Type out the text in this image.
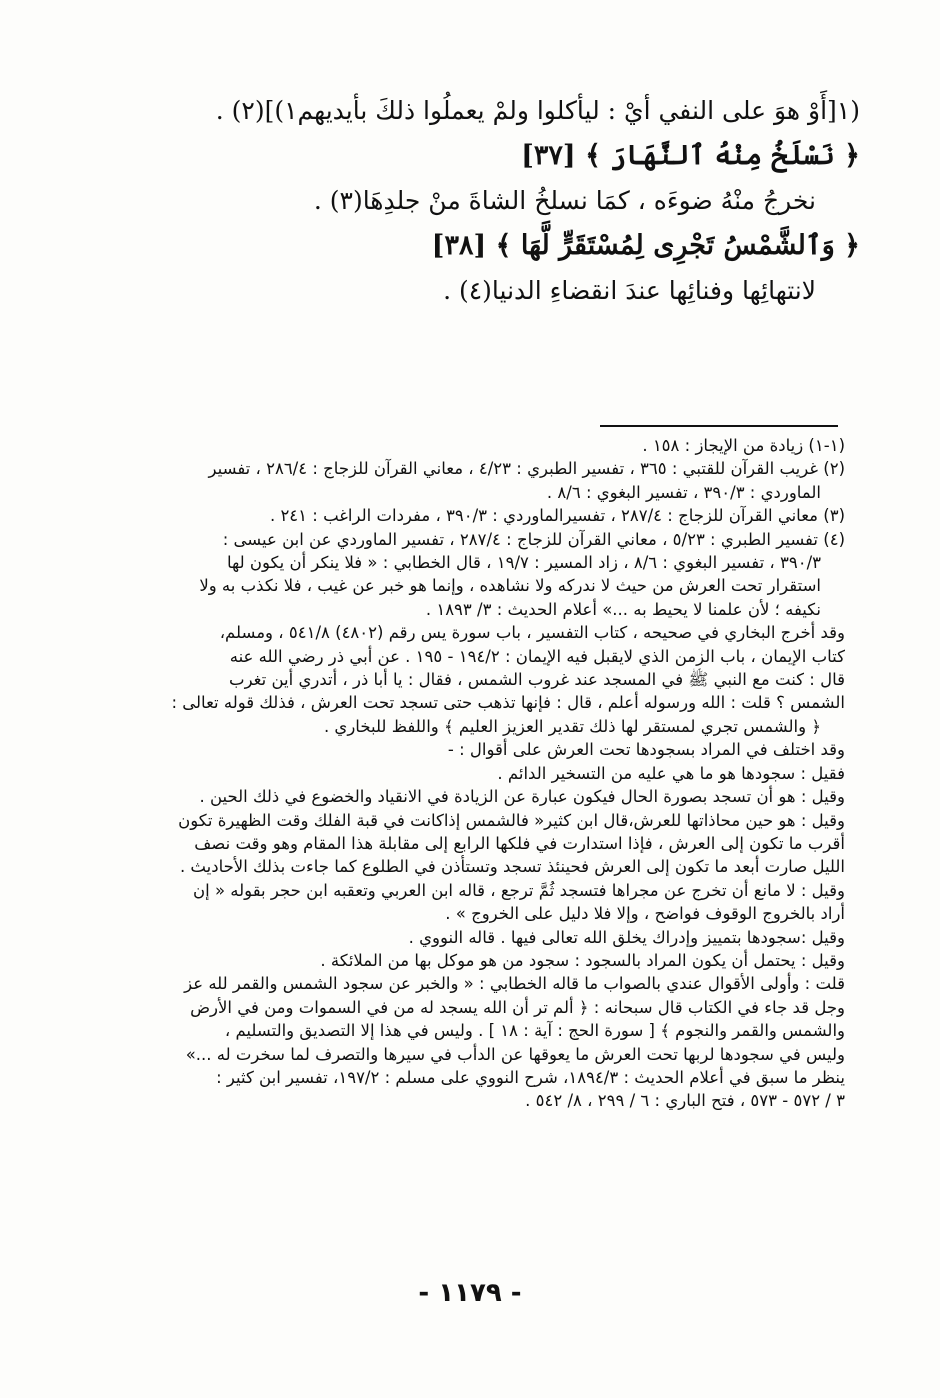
(١[أَوْ هوَ على النفي أيْ : ليأكلوا ولمْ يعملُوا ذلكَ بأيديهم١)](٢) .
﴿ نَسْلَخُ مِنْهُ ٱلنَّهَارَ ﴾ [٣٧]
نخرجُ منْهُ ضوءَه ، كمَا نسلخُ الشاةَ منْ جلدِهَا(٣) .
﴿ وَٱلشَّمْسُ تَجْرِى لِمُسْتَقَرٍّ لَّهَا ﴾ [٣٨]
لانتهائِها وفنائِها عندَ انقضاءِ الدنيا(٤) .
(١-١) زيادة من الإيجاز : ١٥٨ .
(٢) غريب القرآن للقتبي : ٣٦٥ ، تفسير الطبري : ٤/٢٣ ، معاني القرآن للزجاج : ٢٨٦/٤ ، تفسير
الماوردي : ٣٩٠/٣ ، تفسير البغوي : ٨/٦ .
(٣) معاني القرآن للزجاج : ٢٨٧/٤ ، تفسيرالماوردي : ٣٩٠/٣ ، مفردات الراغب : ٢٤١ .
(٤) تفسير الطبري : ٥/٢٣ ، معاني القرآن للزجاج : ٢٨٧/٤ ، تفسير الماوردي عن ابن عيسى :
٣٩٠/٣ ، تفسير البغوي : ٨/٦ ، زاد المسير : ١٩/٧ ، قال الخطابي : « فلا ينكر أن يكون لها
استقرار تحت العرش من حيث لا ندركه ولا نشاهده ، وإنما هو خبر عن غيب ، فلا نكذب به ولا
نكيفه ؛ لأن علمنا لا يحيط به ...» أعلام الحديث : ٣/ ١٨٩٣ .
وقد أخرج البخاري في صحيحه ، كتاب التفسير ، باب سورة يس رقم (٤٨٠٢) ٥٤١/٨ ، ومسلم،
كتاب الإيمان ، باب الزمن الذي لايقبل فيه الإيمان : ١٩٤/٢ - ١٩٥ . عن أبي ذر رضي الله عنه
قال : كنت مع النبي ﷺ في المسجد عند غروب الشمس ، فقال : يا أبا ذر ، أتدري أين تغرب
الشمس ؟ قلت : الله ورسوله أعلم ، قال : فإنها تذهب حتى تسجد تحت العرش ، فذلك قوله تعالى :
﴿ والشمس تجري لمستقر لها ذلك تقدير العزيز العليم ﴾ واللفظ للبخاري .
وقد اختلف في المراد بسجودها تحت العرش على أقوال : -
فقيل : سجودها هو ما هي عليه من التسخير الدائم .
وقيل : هو أن تسجد بصورة الحال فيكون عبارة عن الزيادة في الانقياد والخضوع في ذلك الحين .
وقيل : هو حين محاذاتها للعرش،قال ابن كثير« فالشمس إذاكانت في قبة الفلك وقت الظهيرة تكون
أقرب ما تكون إلى العرش ، فإذا استدارت في فلكها الرابع إلى مقابلة هذا المقام وهو وقت نصف
الليل صارت أبعد ما تكون إلى العرش فحينئذ تسجد وتستأذن في الطلوع كما جاءت بذلك الأحاديث .
وقيل : لا مانع أن تخرج عن مجراها فتسجد ثُمَّ ترجع ، قاله ابن العربي وتعقبه ابن حجر بقوله « إن
أراد بالخروج الوقوف فواضح ، وإلا فلا دليل على الخروج » .
وقيل :سجودها بتمييز وإدراك يخلق الله تعالى فيها . قاله النووي .
وقيل : يحتمل أن يكون المراد بالسجود : سجود من هو موكل بها من الملائكة .
قلت : وأولى الأقوال عندي بالصواب ما قاله الخطابي : « والخبر عن سجود الشمس والقمر لله عز
وجل قد جاء في الكتاب قال سبحانه : ﴿ ألم تر أن الله يسجد له من في السموات ومن في الأرض
والشمس والقمر والنجوم ﴾ [ سورة الحج : آية : ١٨ ] . وليس في هذا إلا التصديق والتسليم ،
وليس في سجودها لربها تحت العرش ما يعوقها عن الدأب في سيرها والتصرف لما سخرت له ...»
ينظر ما سبق في أعلام الحديث : ١٨٩٤/٣، شرح النووي على مسلم : ١٩٧/٢، تفسير ابن كثير :
٣ / ٥٧٢ - ٥٧٣ ، فتح الباري : ٦ / ٢٩٩ ، ٨/ ٥٤٢ .
- ١١٧٩ -
